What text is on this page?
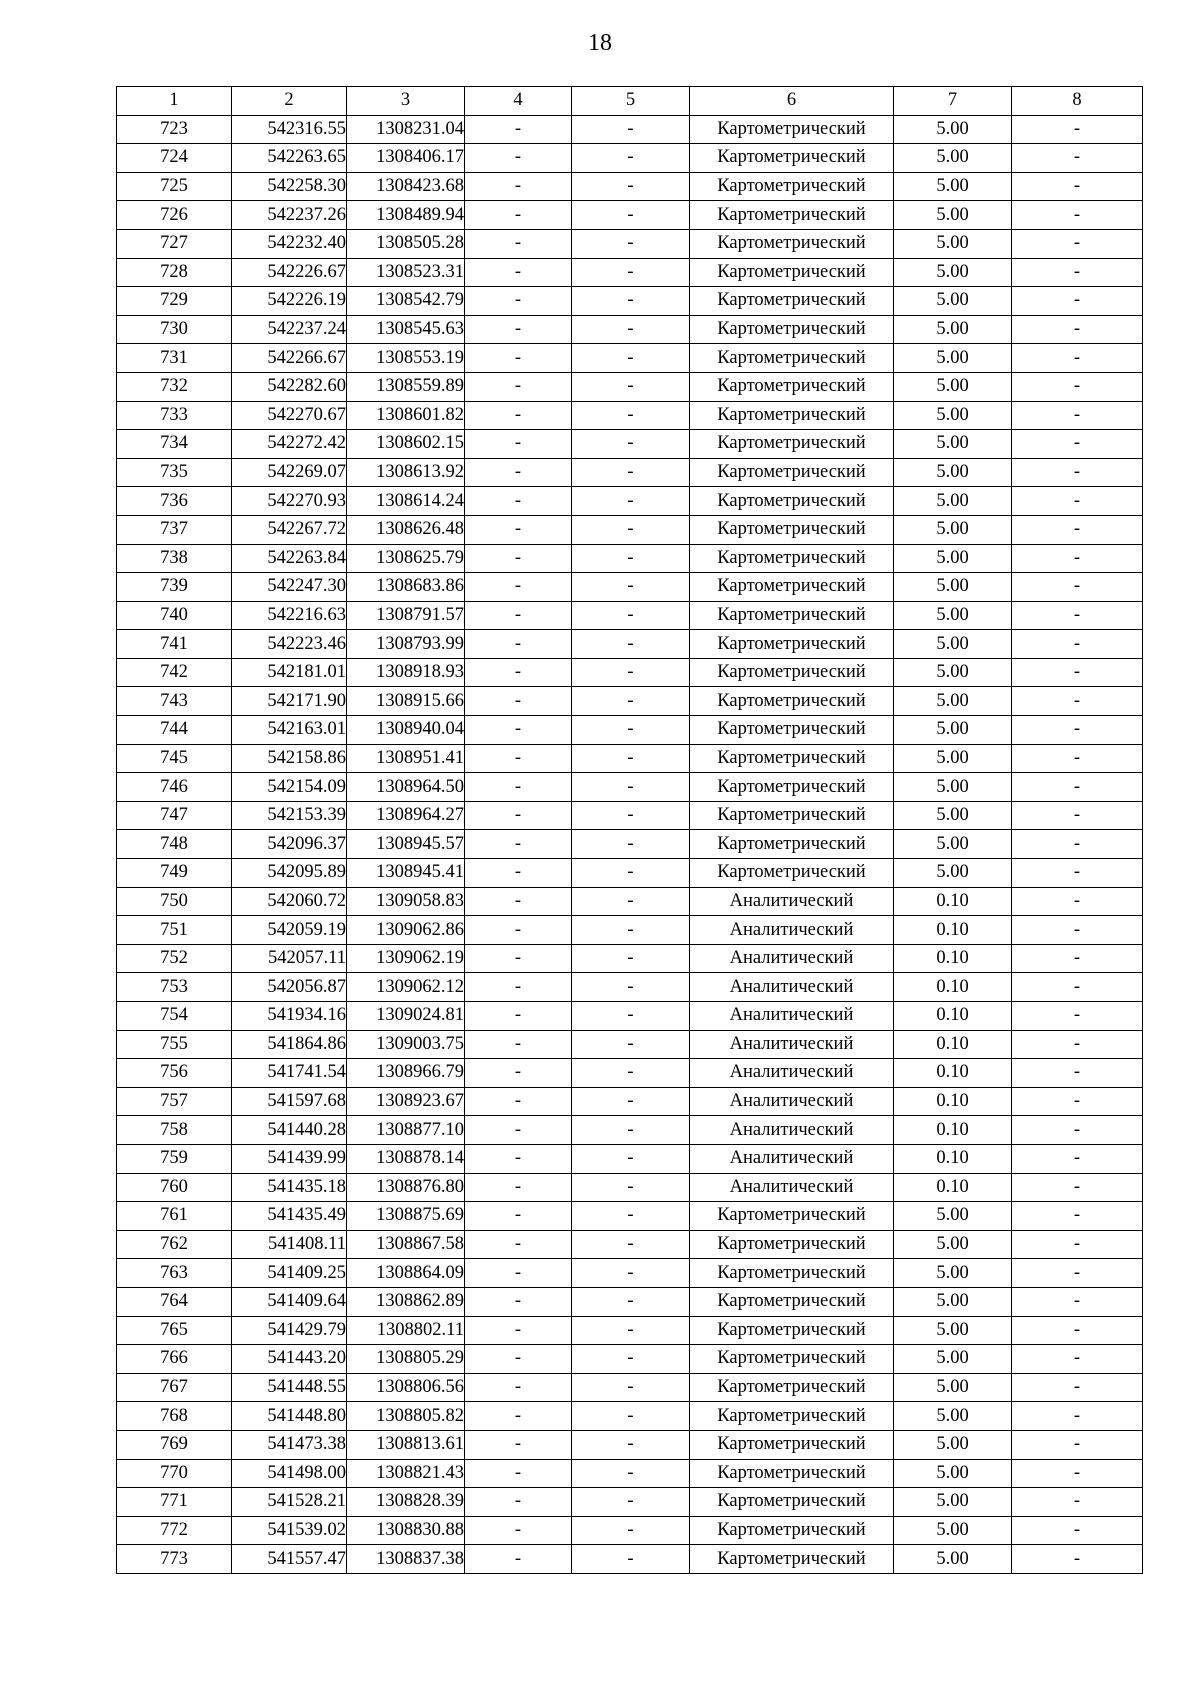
18
1	2	3	4	5	6	7	8
723	542316.55	1308231.04	-	-	Картометрический	5.00	-
724	542263.65	1308406.17	-	-	Картометрический	5.00	-
725	542258.30	1308423.68	-	-	Картометрический	5.00	-
726	542237.26	1308489.94	-	-	Картометрический	5.00	-
727	542232.40	1308505.28	-	-	Картометрический	5.00	-
728	542226.67	1308523.31	-	-	Картометрический	5.00	-
729	542226.19	1308542.79	-	-	Картометрический	5.00	-
730	542237.24	1308545.63	-	-	Картометрический	5.00	-
731	542266.67	1308553.19	-	-	Картометрический	5.00	-
732	542282.60	1308559.89	-	-	Картометрический	5.00	-
733	542270.67	1308601.82	-	-	Картометрический	5.00	-
734	542272.42	1308602.15	-	-	Картометрический	5.00	-
735	542269.07	1308613.92	-	-	Картометрический	5.00	-
736	542270.93	1308614.24	-	-	Картометрический	5.00	-
737	542267.72	1308626.48	-	-	Картометрический	5.00	-
738	542263.84	1308625.79	-	-	Картометрический	5.00	-
739	542247.30	1308683.86	-	-	Картометрический	5.00	-
740	542216.63	1308791.57	-	-	Картометрический	5.00	-
741	542223.46	1308793.99	-	-	Картометрический	5.00	-
742	542181.01	1308918.93	-	-	Картометрический	5.00	-
743	542171.90	1308915.66	-	-	Картометрический	5.00	-
744	542163.01	1308940.04	-	-	Картометрический	5.00	-
745	542158.86	1308951.41	-	-	Картометрический	5.00	-
746	542154.09	1308964.50	-	-	Картометрический	5.00	-
747	542153.39	1308964.27	-	-	Картометрический	5.00	-
748	542096.37	1308945.57	-	-	Картометрический	5.00	-
749	542095.89	1308945.41	-	-	Картометрический	5.00	-
750	542060.72	1309058.83	-	-	Аналитический	0.10	-
751	542059.19	1309062.86	-	-	Аналитический	0.10	-
752	542057.11	1309062.19	-	-	Аналитический	0.10	-
753	542056.87	1309062.12	-	-	Аналитический	0.10	-
754	541934.16	1309024.81	-	-	Аналитический	0.10	-
755	541864.86	1309003.75	-	-	Аналитический	0.10	-
756	541741.54	1308966.79	-	-	Аналитический	0.10	-
757	541597.68	1308923.67	-	-	Аналитический	0.10	-
758	541440.28	1308877.10	-	-	Аналитический	0.10	-
759	541439.99	1308878.14	-	-	Аналитический	0.10	-
760	541435.18	1308876.80	-	-	Аналитический	0.10	-
761	541435.49	1308875.69	-	-	Картометрический	5.00	-
762	541408.11	1308867.58	-	-	Картометрический	5.00	-
763	541409.25	1308864.09	-	-	Картометрический	5.00	-
764	541409.64	1308862.89	-	-	Картометрический	5.00	-
765	541429.79	1308802.11	-	-	Картометрический	5.00	-
766	541443.20	1308805.29	-	-	Картометрический	5.00	-
767	541448.55	1308806.56	-	-	Картометрический	5.00	-
768	541448.80	1308805.82	-	-	Картометрический	5.00	-
769	541473.38	1308813.61	-	-	Картометрический	5.00	-
770	541498.00	1308821.43	-	-	Картометрический	5.00	-
771	541528.21	1308828.39	-	-	Картометрический	5.00	-
772	541539.02	1308830.88	-	-	Картометрический	5.00	-
773	541557.47	1308837.38	-	-	Картометрический	5.00	-
